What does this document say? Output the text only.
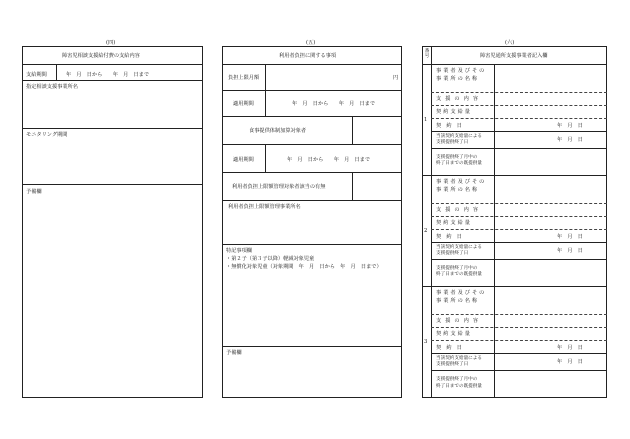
(四)
障害児相談支援給付費の支給内容
支給期間	年　月　日から　　年　月　日まで
指定相談支援事業所名
モニタリング期間
予備欄
(五)
利用者負担に関する事項
負担上限月額	円
適用期間	年　月　日から　　年　月　日まで
食事提供体制加算対象者
適用期間	年　月　日から　　年　月　日まで
利用者負担上限額管理対象者該当の有無
利用者負担上限額管理事業所名
特記事項欄
・第２子（第３子以降）軽減対象児童
・無償化対象児童（対象期間　年　月　日から　年　月　日まで）
予備欄
(六)
番号	障害児通所支援事業者記入欄
1
事業者及びその
事業所の名称
支援の内容
契約支給量
契　約　日	年　月　日
当該契約支給量による
支援提供終了日	年　月　日
支援提供終了月中の
終了日までの既提供量
2
事業者及びその
事業所の名称
支援の内容
契約支給量
契　約　日	年　月　日
当該契約支給量による
支援提供終了日	年　月　日
支援提供終了月中の
終了日までの既提供量
3
事業者及びその
事業所の名称
支援の内容
契約支給量
契　約　日	年　月　日
当該契約支給量による
支援提供終了日	年　月　日
支援提供終了月中の
終了日までの既提供量
